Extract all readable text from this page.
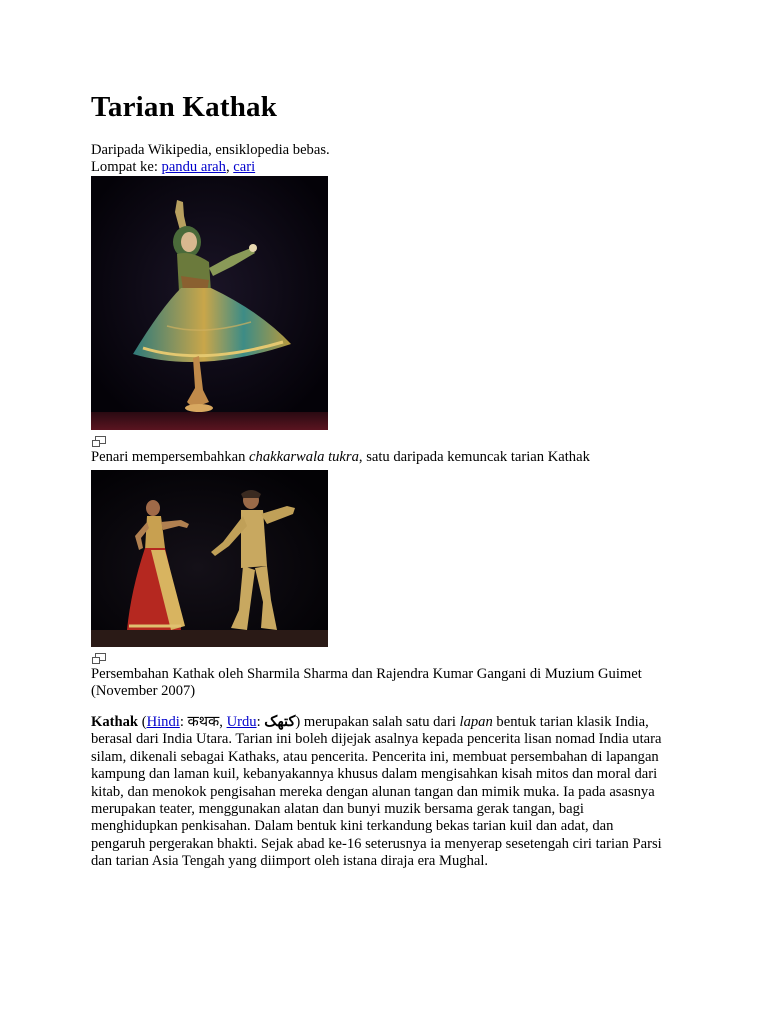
Tarian Kathak

Daripada Wikipedia, ensiklopedia bebas.

Lompat ke: pandu arah, cari

Penari mempersembahkan chakkarwala tukra, satu daripada kemuncak tarian Kathak

Persembahan Kathak oleh Sharmila Sharma dan Rajendra Kumar Gangani di Muzium Guimet (November 2007)

Kathak (Hindi: कथक, Urdu: کتھک) merupakan salah satu dari lapan bentuk tarian klasik India, berasal dari India Utara. Tarian ini boleh dijejak asalnya kepada pencerita lisan nomad India utara silam, dikenali sebagai Kathaks, atau pencerita. Pencerita ini, membuat persembahan di lapangan kampung dan laman kuil, kebanyakannya khusus dalam mengisahkan kisah mitos dan moral dari kitab, dan menokok pengisahan mereka dengan alunan tangan dan mimik muka. Ia pada asasnya merupakan teater, menggunakan alatan dan bunyi muzik bersama gerak tangan, bagi menghidupkan penkisahan. Dalam bentuk kini terkandung bekas tarian kuil dan adat, dan pengaruh pergerakan bhakti. Sejak abad ke-16 seterusnya ia menyerap sesetengah ciri tarian Parsi dan tarian Asia Tengah yang diimport oleh istana diraja era Mughal.
